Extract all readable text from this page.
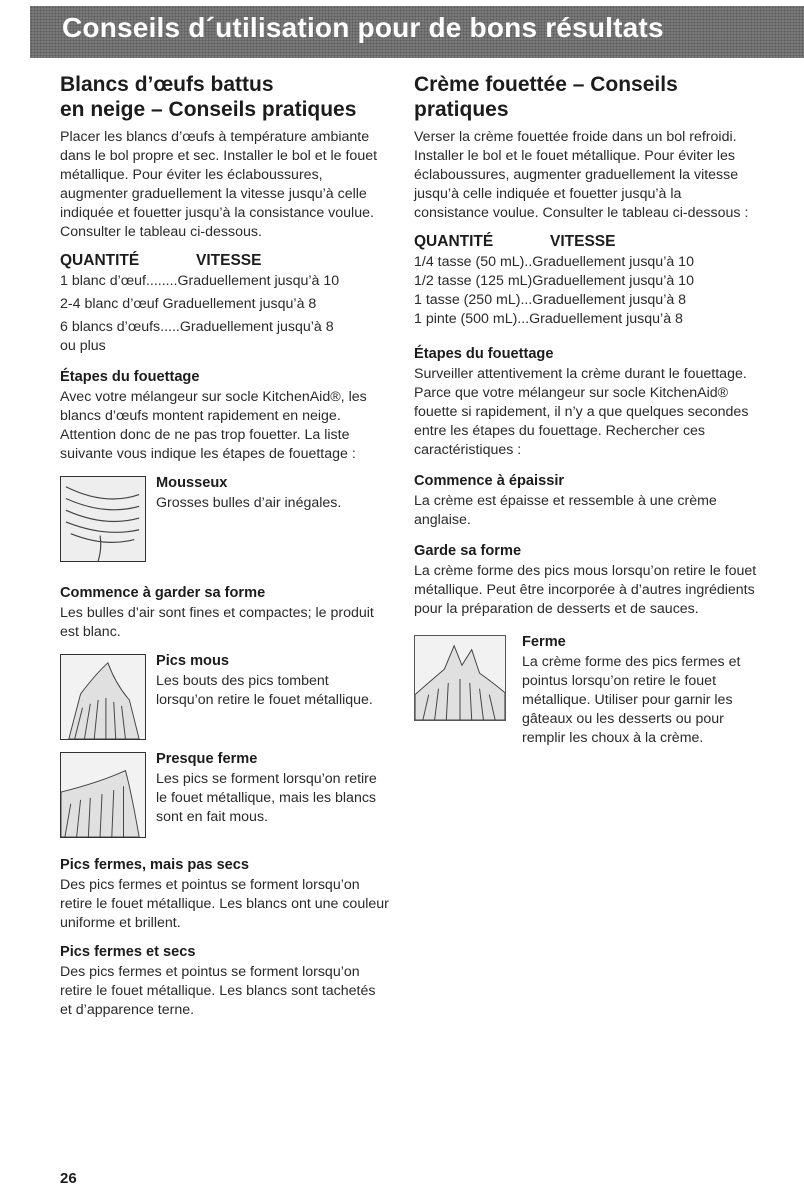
Conseils d´utilisation pour de bons résultats
Blancs d’œufs battus
en neige – Conseils pratiques

Placer les blancs d’œufs à température ambiante dans le bol propre et sec. Installer le bol et le fouet métallique. Pour éviter les éclaboussures, augmenter graduellement la vitesse jusqu’à celle indiquée et fouetter jusqu’à la consistance voulue. Consulter le tableau ci-dessous.

QUANTITÉ	VITESSE

1 blanc d’œuf........Graduellement jusqu’à 10

2-4 blanc d’œuf Graduellement jusqu’à 8

6 blancs d’œufs.....Graduellement jusqu’à 8

ou plus

Étapes du fouettage

Avec votre mélangeur sur socle KitchenAid®, les blancs d’œufs montent rapidement en neige. Attention donc de ne pas trop fouetter. La liste suivante vous indique les étapes de fouettage :

Mousseux

Grosses bulles d’air inégales.

Commence à garder sa forme

Les bulles d’air sont fines et compactes; le produit est blanc.

Pics mous

Les bouts des pics tombent lorsqu’on retire le fouet métallique.

Presque ferme

Les pics se forment lorsqu’on retire le fouet métallique, mais les blancs sont en fait mous.

Pics fermes, mais pas secs

Des pics fermes et pointus se forment lorsqu’on retire le fouet métallique. Les blancs ont une couleur uniforme et brillent.

Pics fermes et secs

Des pics fermes et pointus se forment lorsqu’on retire le fouet métallique. Les blancs sont tachetés et d’apparence terne.

Crème fouettée – Conseils
pratiques

Verser la crème fouettée froide dans un bol refroidi. Installer le bol et le fouet métallique. Pour éviter les éclaboussures, augmenter graduellement la vitesse jusqu’à celle indiquée et fouetter jusqu’à la consistance voulue. Consulter le tableau ci-dessous :

QUANTITÉ	VITESSE

1/4 tasse (50 mL)..Graduellement jusqu’à 10

1/2 tasse (125 mL)Graduellement jusqu’à 10

1 tasse (250 mL)...Graduellement jusqu’à 8

1 pinte (500 mL)...Graduellement jusqu’à 8

Étapes du fouettage

Surveiller attentivement la crème durant le fouettage. Parce que votre mélangeur sur socle KitchenAid® fouette si rapidement, il n’y a que quelques secondes entre les étapes du fouettage. Rechercher ces caractéristiques :

Commence à épaissir

La crème est épaisse et ressemble à une crème anglaise.

Garde sa forme

La crème forme des pics mous lorsqu’on retire le fouet métallique. Peut être incorporée à d’autres ingrédients pour la préparation de desserts et de sauces.

Ferme

La crème forme des pics fermes et pointus lorsqu’on retire le fouet métallique. Utiliser pour garnir les gâteaux ou les desserts ou pour remplir les choux à la crème.

26
